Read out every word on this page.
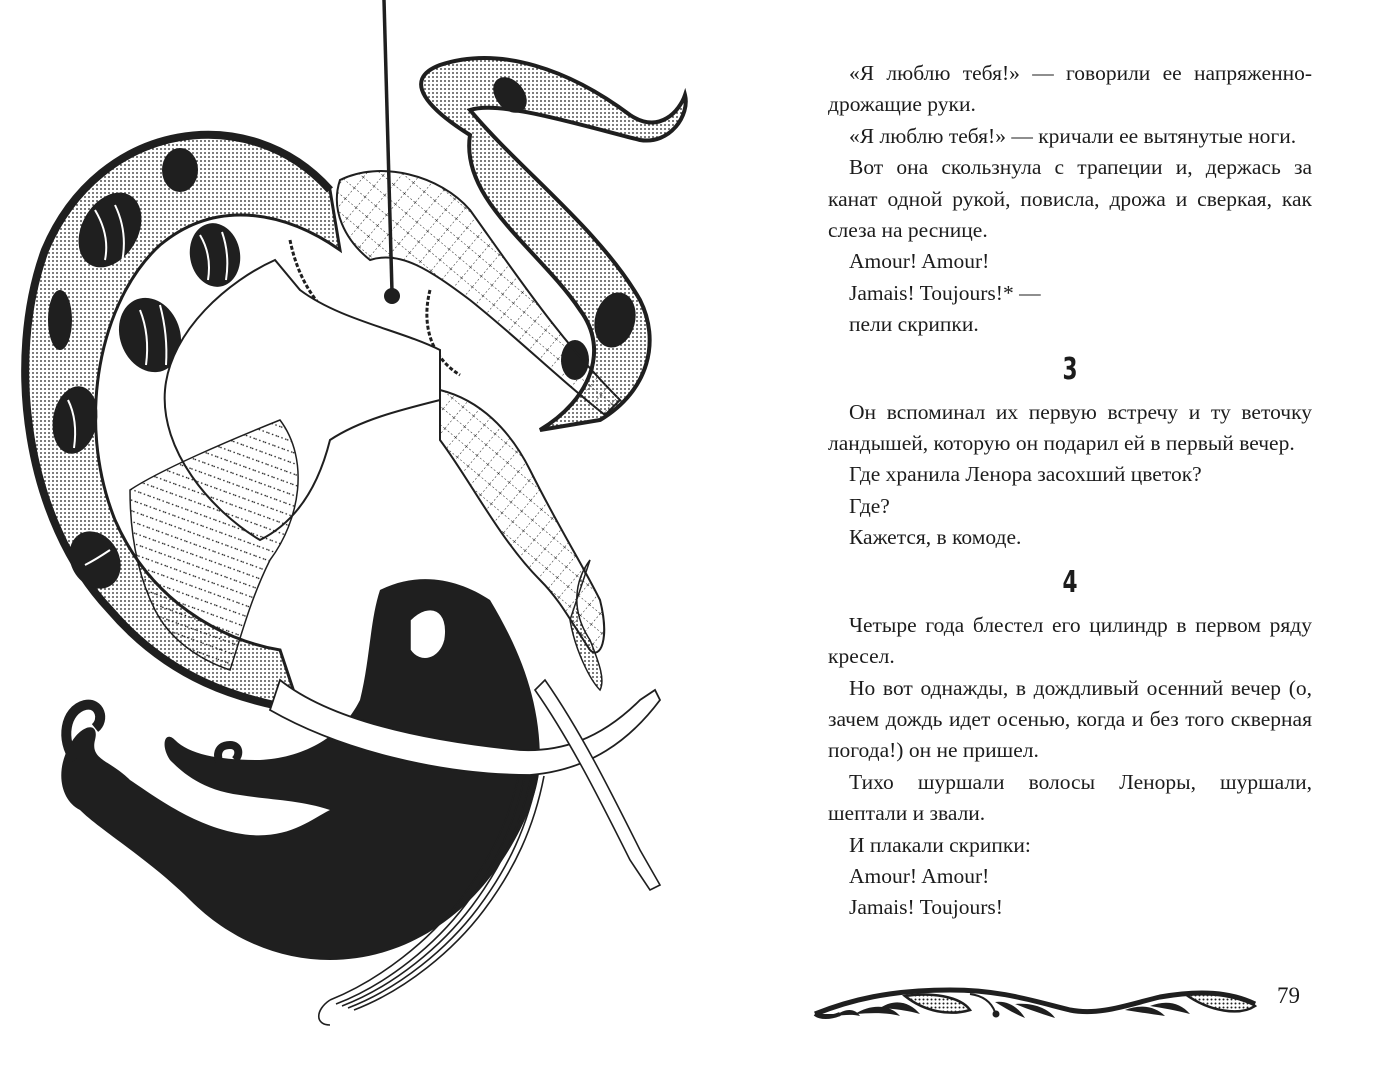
«Я люблю тебя!» — говорили ее напряженно-дрожащие руки.

«Я люблю тебя!» — кричали ее вытянутые ноги.

Вот она скользнула с трапеции и, держась за канат одной рукой, повисла, дрожа и сверкая, как слеза на реснице.

Amour! Amour!

Jamais! Toujours!* —

пели скрипки.

3

Он вспоминал их первую встречу и ту веточку ландышей, которую он подарил ей в первый вечер.

Где хранила Ленора засохший цветок?

Где?

Кажется, в комоде.

4

Четыре года блестел его цилиндр в первом ряду кресел.

Но вот однажды, в дождливый осенний вечер (о, зачем дождь идет осенью, когда и без того скверная погода!) он не пришел.

Тихо шуршали волосы Леноры, шуршали, шептали и звали.

И плакали скрипки:

Amour! Amour!

Jamais! Toujours!

79
